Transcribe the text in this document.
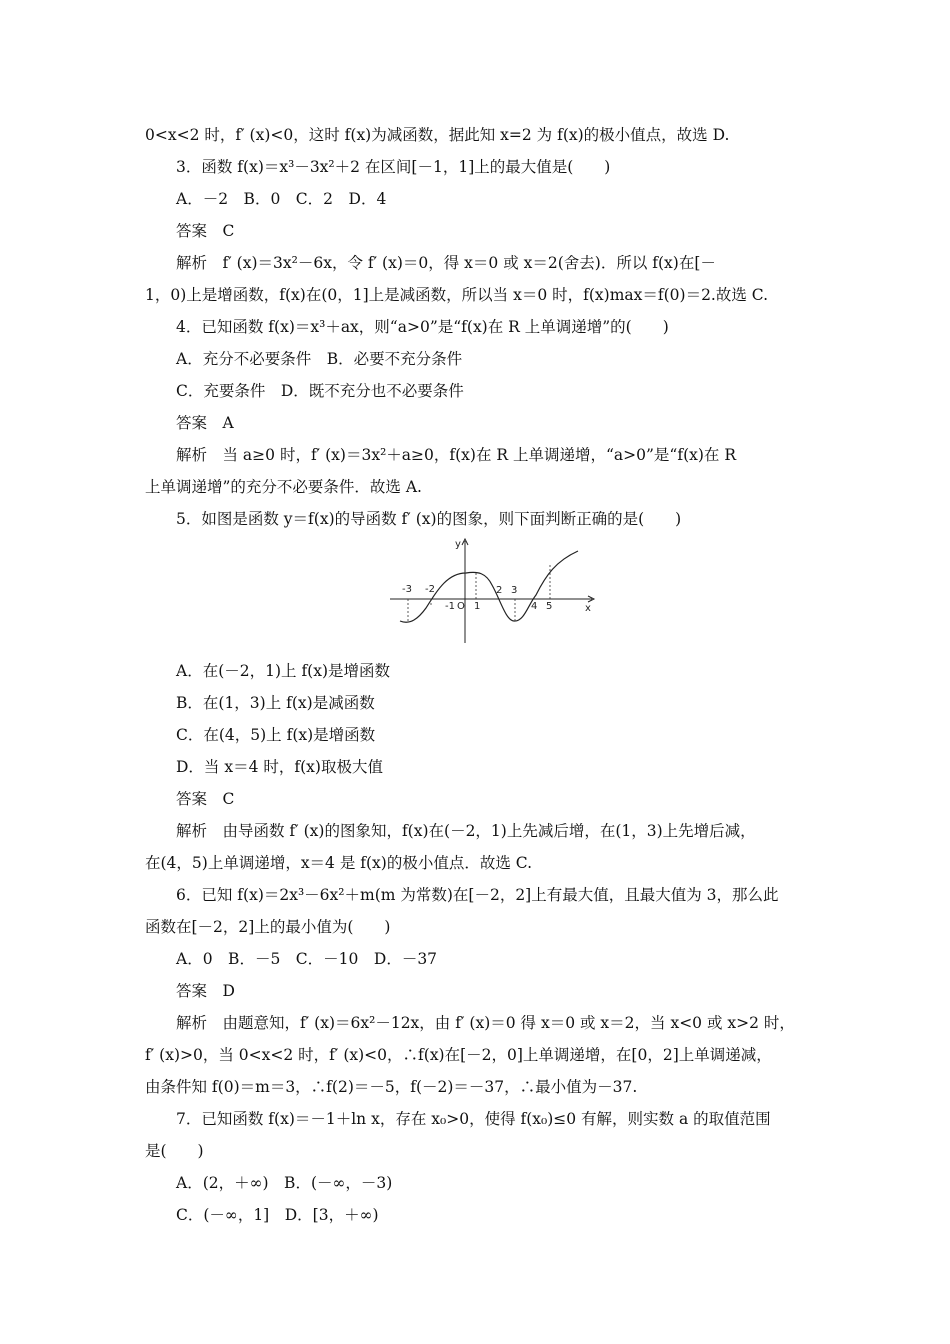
0<x<2 时，f′ (x)<0，这时 f(x)为减函数，据此知 x=2 为 f(x)的极小值点，故选 D.
3．函数 f(x)＝x³－3x²＋2 在区间[－1，1]上的最大值是(　　)
A．－2　B．0　C．2　D．4
答案　C
解析　f′ (x)＝3x²－6x，令 f′ (x)＝0，得 x＝0 或 x＝2(舍去)．所以 f(x)在[－
1，0)上是增函数，f(x)在(0，1]上是减函数，所以当 x＝0 时，f(x)max＝f(0)＝2.故选 C.
4．已知函数 f(x)＝x³＋ax，则“a>0”是“f(x)在 R 上单调递增”的(　　)
A．充分不必要条件　B．必要不充分条件
C．充要条件　D．既不充分也不必要条件
答案　A
解析　当 a≥0 时，f′ (x)＝3x²＋a≥0，f(x)在 R 上单调递增，“a>0”是“f(x)在 R
上单调递增”的充分不必要条件．故选 A.
5．如图是函数 y＝f(x)的导函数 f′ (x)的图象，则下面判断正确的是(　　)
x
y
-3 -2
-1 O 1
2 3
4 5
A．在(－2，1)上 f(x)是增函数
B．在(1，3)上 f(x)是减函数
C．在(4，5)上 f(x)是增函数
D．当 x＝4 时，f(x)取极大值
答案　C
解析　由导函数 f′ (x)的图象知，f(x)在(－2，1)上先减后增，在(1，3)上先增后减，
在(4，5)上单调递增，x＝4 是 f(x)的极小值点．故选 C.
6．已知 f(x)＝2x³－6x²＋m(m 为常数)在[－2，2]上有最大值，且最大值为 3，那么此
函数在[－2，2]上的最小值为(　　)
A．0　B．－5　C．－10　D．－37
答案　D
解析　由题意知，f′ (x)＝6x²－12x，由 f′ (x)＝0 得 x＝0 或 x＝2，当 x<0 或 x>2 时，
f′ (x)>0，当 0<x<2 时，f′ (x)<0，∴f(x)在[－2，0]上单调递增，在[0，2]上单调递减，
由条件知 f(0)＝m＝3，∴f(2)＝－5，f(－2)＝－37，∴最小值为－37.
7．已知函数 f(x)＝－1＋ln x，存在 x₀>0，使得 f(x₀)≤0 有解，则实数 a 的取值范围
是(　　)
A．(2，＋∞)　B．(－∞，－3)
C．(－∞，1]　D．[3，＋∞)
